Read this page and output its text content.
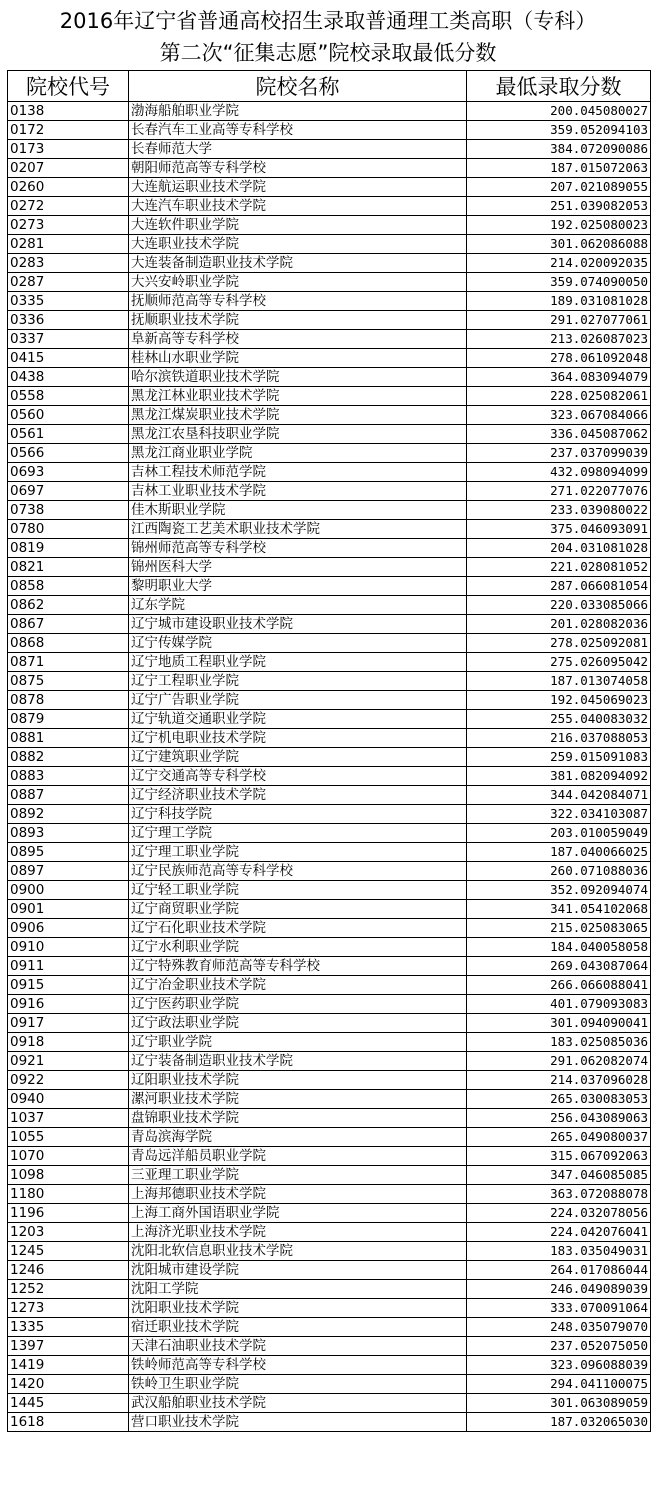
2016年辽宁省普通高校招生录取普通理工类高职（专科）
第二次“征集志愿”院校录取最低分数
院校代号	院校名称	最低录取分数
0138	渤海船舶职业学院	200.045080027
0172	长春汽车工业高等专科学校	359.052094103
0173	长春师范大学	384.072090086
0207	朝阳师范高等专科学校	187.015072063
0260	大连航运职业技术学院	207.021089055
0272	大连汽车职业技术学院	251.039082053
0273	大连软件职业学院	192.025080023
0281	大连职业技术学院	301.062086088
0283	大连装备制造职业技术学院	214.020092035
0287	大兴安岭职业学院	359.074090050
0335	抚顺师范高等专科学校	189.031081028
0336	抚顺职业技术学院	291.027077061
0337	阜新高等专科学校	213.026087023
0415	桂林山水职业学院	278.061092048
0438	哈尔滨铁道职业技术学院	364.083094079
0558	黑龙江林业职业技术学院	228.025082061
0560	黑龙江煤炭职业技术学院	323.067084066
0561	黑龙江农垦科技职业学院	336.045087062
0566	黑龙江商业职业学院	237.037099039
0693	吉林工程技术师范学院	432.098094099
0697	吉林工业职业技术学院	271.022077076
0738	佳木斯职业学院	233.039080022
0780	江西陶瓷工艺美术职业技术学院	375.046093091
0819	锦州师范高等专科学校	204.031081028
0821	锦州医科大学	221.028081052
0858	黎明职业大学	287.066081054
0862	辽东学院	220.033085066
0867	辽宁城市建设职业技术学院	201.028082036
0868	辽宁传媒学院	278.025092081
0871	辽宁地质工程职业学院	275.026095042
0875	辽宁工程职业学院	187.013074058
0878	辽宁广告职业学院	192.045069023
0879	辽宁轨道交通职业学院	255.040083032
0881	辽宁机电职业技术学院	216.037088053
0882	辽宁建筑职业学院	259.015091083
0883	辽宁交通高等专科学校	381.082094092
0887	辽宁经济职业技术学院	344.042084071
0892	辽宁科技学院	322.034103087
0893	辽宁理工学院	203.010059049
0895	辽宁理工职业学院	187.040066025
0897	辽宁民族师范高等专科学校	260.071088036
0900	辽宁轻工职业学院	352.092094074
0901	辽宁商贸职业学院	341.054102068
0906	辽宁石化职业技术学院	215.025083065
0910	辽宁水利职业学院	184.040058058
0911	辽宁特殊教育师范高等专科学校	269.043087064
0915	辽宁冶金职业技术学院	266.066088041
0916	辽宁医药职业学院	401.079093083
0917	辽宁政法职业学院	301.094090041
0918	辽宁职业学院	183.025085036
0921	辽宁装备制造职业技术学院	291.062082074
0922	辽阳职业技术学院	214.037096028
0940	漯河职业技术学院	265.030083053
1037	盘锦职业技术学院	256.043089063
1055	青岛滨海学院	265.049080037
1070	青岛远洋船员职业学院	315.067092063
1098	三亚理工职业学院	347.046085085
1180	上海邦德职业技术学院	363.072088078
1196	上海工商外国语职业学院	224.032078056
1203	上海济光职业技术学院	224.042076041
1245	沈阳北软信息职业技术学院	183.035049031
1246	沈阳城市建设学院	264.017086044
1252	沈阳工学院	246.049089039
1273	沈阳职业技术学院	333.070091064
1335	宿迁职业技术学院	248.035079070
1397	天津石油职业技术学院	237.052075050
1419	铁岭师范高等专科学校	323.096088039
1420	铁岭卫生职业学院	294.041100075
1445	武汉船舶职业技术学院	301.063089059
1618	营口职业技术学院	187.032065030
